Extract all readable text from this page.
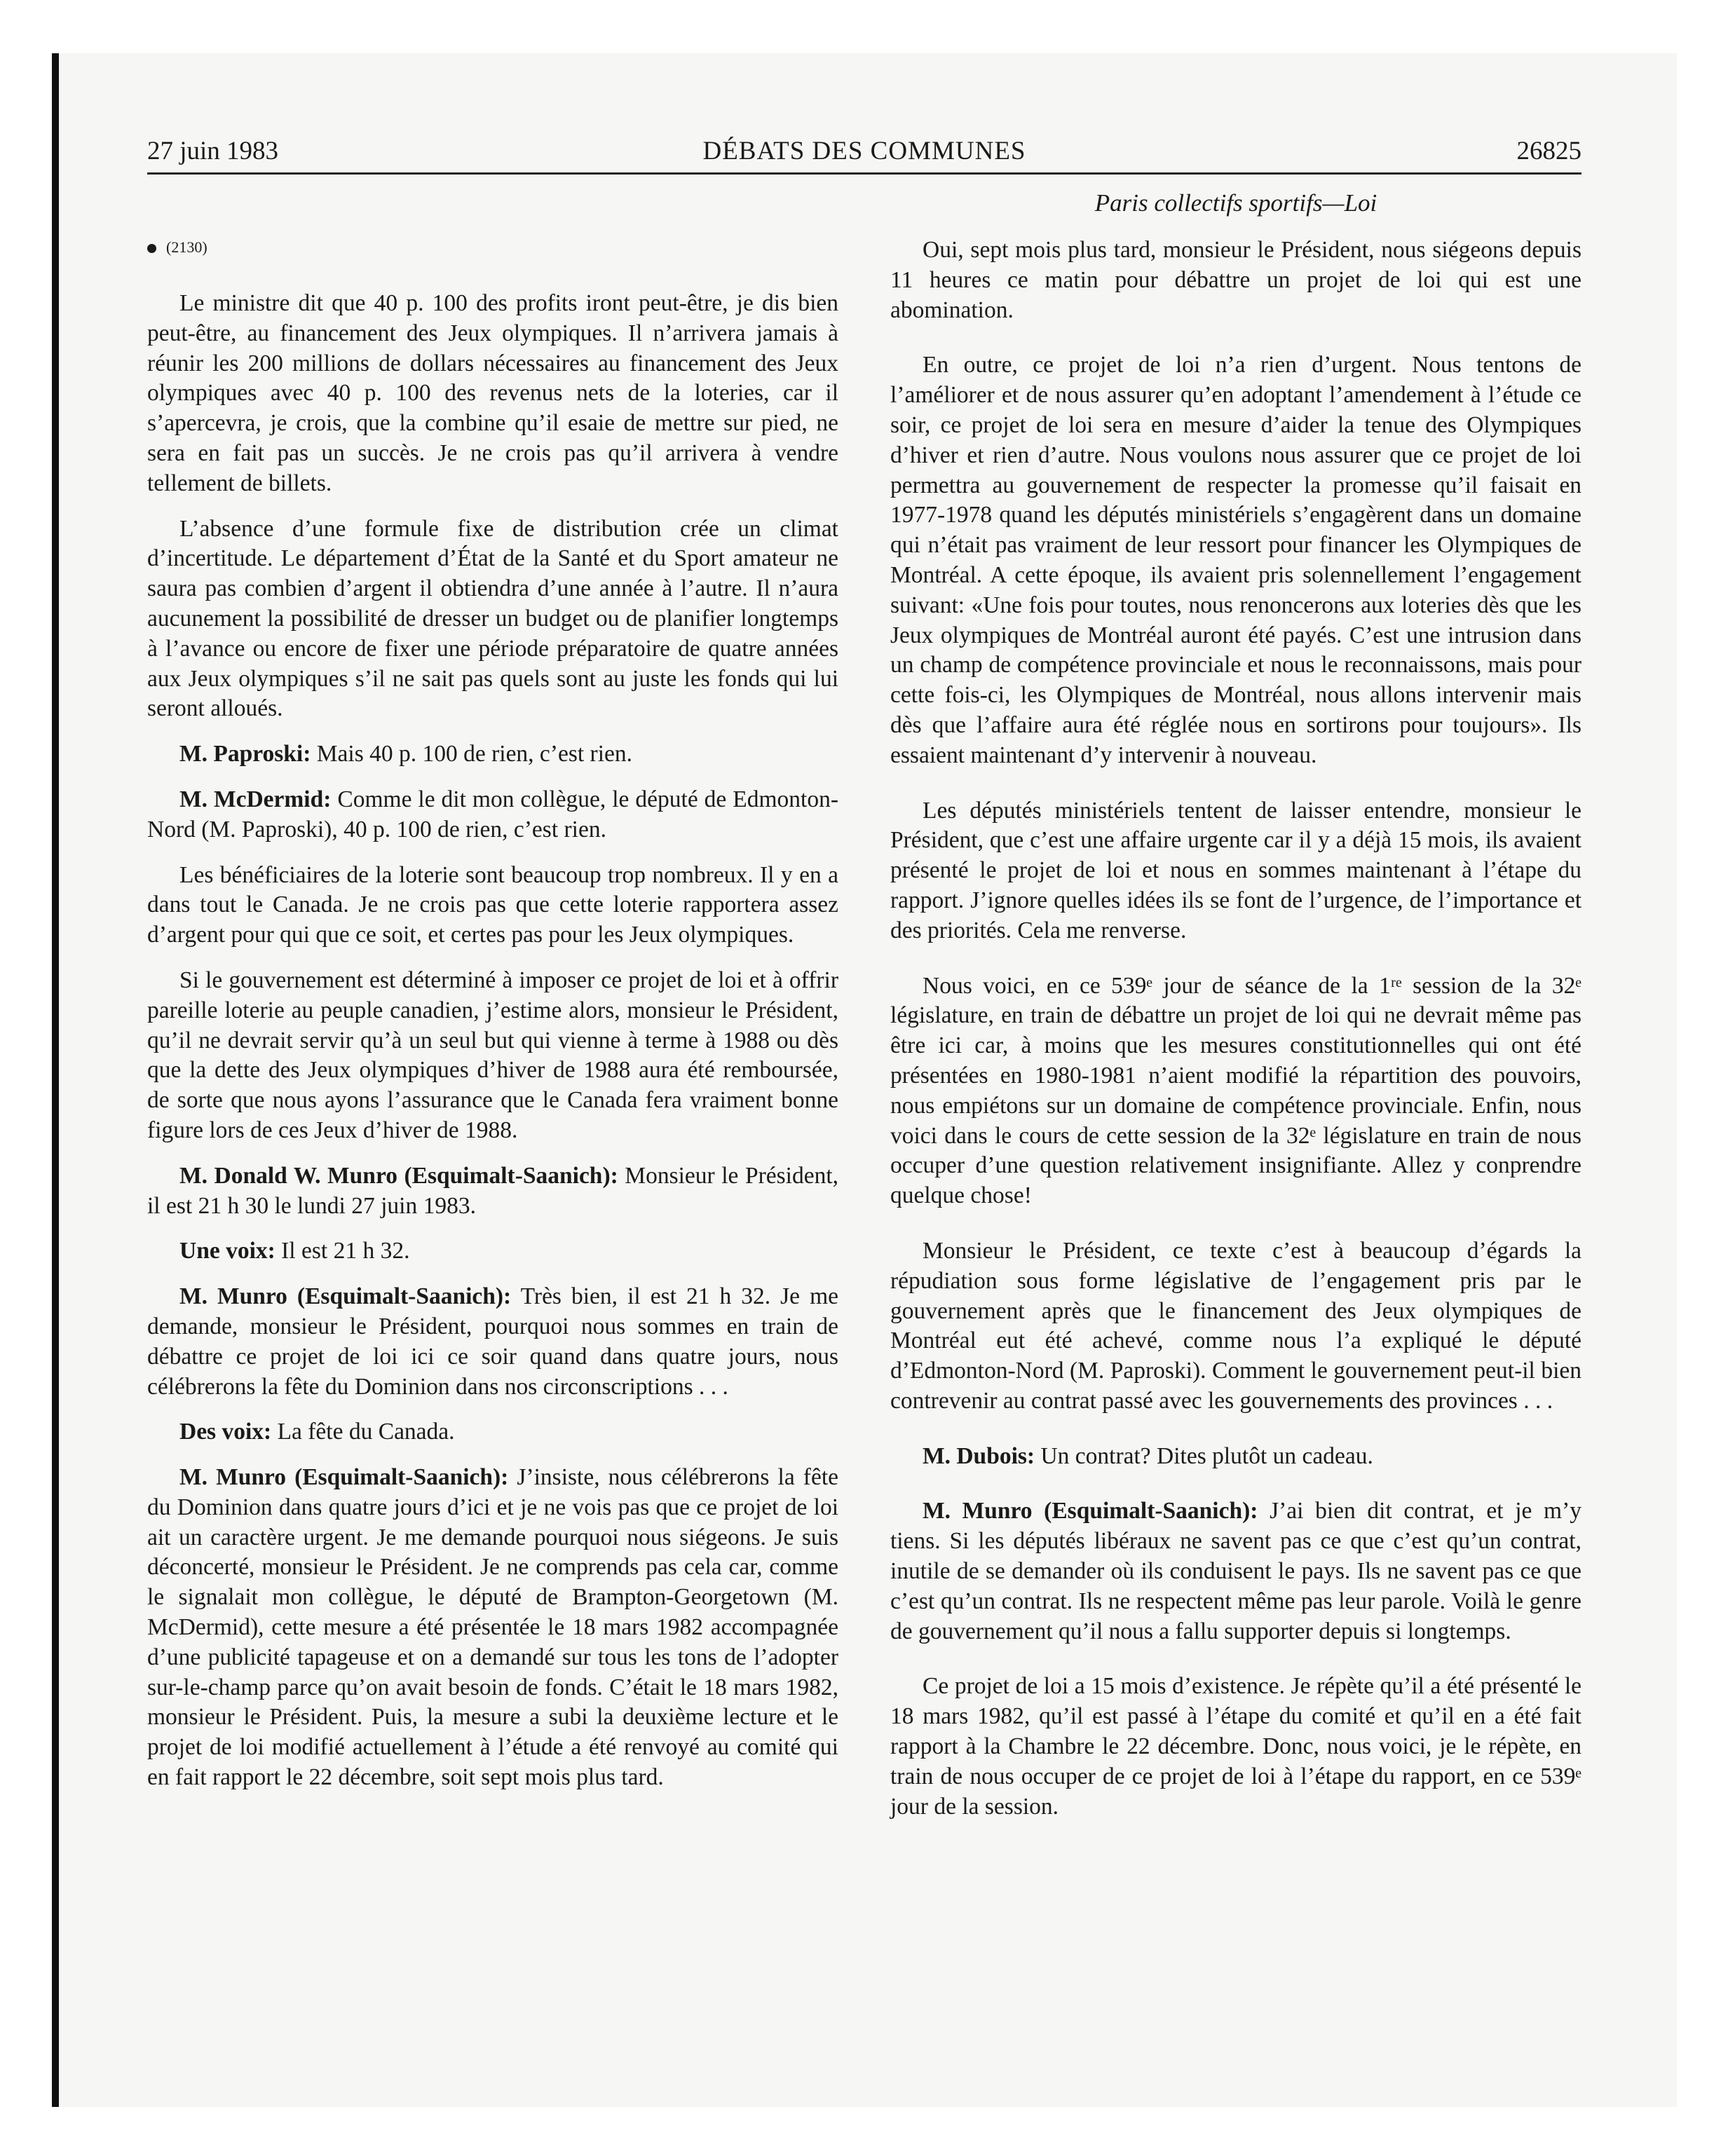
27 juin 1983	DÉBATS DES COMMUNES	26825
Paris collectifs sportifs—Loi
(2130)

Le ministre dit que 40 p. 100 des profits iront peut-être, je dis bien peut-être, au financement des Jeux olympiques. Il n’arrivera jamais à réunir les 200 millions de dollars nécessaires au financement des Jeux olympiques avec 40 p. 100 des revenus nets de la loteries, car il s’apercevra, je crois, que la combine qu’il esaie de mettre sur pied, ne sera en fait pas un succès. Je ne crois pas qu’il arrivera à vendre tellement de billets.

L’absence d’une formule fixe de distribution crée un climat d’incertitude. Le département d’État de la Santé et du Sport amateur ne saura pas combien d’argent il obtiendra d’une année à l’autre. Il n’aura aucunement la possibilité de dresser un budget ou de planifier longtemps à l’avance ou encore de fixer une période préparatoire de quatre années aux Jeux olympiques s’il ne sait pas quels sont au juste les fonds qui lui seront alloués.

M. Paproski: Mais 40 p. 100 de rien, c’est rien.

M. McDermid: Comme le dit mon collègue, le député de Edmonton-Nord (M. Paproski), 40 p. 100 de rien, c’est rien.

Les bénéficiaires de la loterie sont beaucoup trop nombreux. Il y en a dans tout le Canada. Je ne crois pas que cette loterie rapportera assez d’argent pour qui que ce soit, et certes pas pour les Jeux olympiques.

Si le gouvernement est déterminé à imposer ce projet de loi et à offrir pareille loterie au peuple canadien, j’estime alors, monsieur le Président, qu’il ne devrait servir qu’à un seul but qui vienne à terme à 1988 ou dès que la dette des Jeux olympiques d’hiver de 1988 aura été remboursée, de sorte que nous ayons l’assurance que le Canada fera vraiment bonne figure lors de ces Jeux d’hiver de 1988.

M. Donald W. Munro (Esquimalt-Saanich): Monsieur le Président, il est 21 h 30 le lundi 27 juin 1983.

Une voix: Il est 21 h 32.

M. Munro (Esquimalt-Saanich): Très bien, il est 21 h 32. Je me demande, monsieur le Président, pourquoi nous sommes en train de débattre ce projet de loi ici ce soir quand dans quatre jours, nous célébrerons la fête du Dominion dans nos circonscriptions . . .

Des voix: La fête du Canada.

M. Munro (Esquimalt-Saanich): J’insiste, nous célébrerons la fête du Dominion dans quatre jours d’ici et je ne vois pas que ce projet de loi ait un caractère urgent. Je me demande pourquoi nous siégeons. Je suis déconcerté, monsieur le Président. Je ne comprends pas cela car, comme le signalait mon collègue, le député de Brampton-Georgetown (M. McDermid), cette mesure a été présentée le 18 mars 1982 accompagnée d’une publicité tapageuse et on a demandé sur tous les tons de l’adopter sur-le-champ parce qu’on avait besoin de fonds. C’était le 18 mars 1982, monsieur le Président. Puis, la mesure a subi la deuxième lecture et le projet de loi modifié actuellement à l’étude a été renvoyé au comité qui en fait rapport le 22 décembre, soit sept mois plus tard.

Oui, sept mois plus tard, monsieur le Président, nous siégeons depuis 11 heures ce matin pour débattre un projet de loi qui est une abomination.

En outre, ce projet de loi n’a rien d’urgent. Nous tentons de l’améliorer et de nous assurer qu’en adoptant l’amendement à l’étude ce soir, ce projet de loi sera en mesure d’aider la tenue des Olympiques d’hiver et rien d’autre. Nous voulons nous assurer que ce projet de loi permettra au gouvernement de respecter la promesse qu’il faisait en 1977-1978 quand les députés ministériels s’engagèrent dans un domaine qui n’était pas vraiment de leur ressort pour financer les Olympiques de Montréal. A cette époque, ils avaient pris solennellement l’engagement suivant: «Une fois pour toutes, nous renoncerons aux loteries dès que les Jeux olympiques de Montréal auront été payés. C’est une intrusion dans un champ de compétence provinciale et nous le reconnaissons, mais pour cette fois-ci, les Olympiques de Montréal, nous allons intervenir mais dès que l’affaire aura été réglée nous en sortirons pour toujours». Ils essaient maintenant d’y intervenir à nouveau.

Les députés ministériels tentent de laisser entendre, monsieur le Président, que c’est une affaire urgente car il y a déjà 15 mois, ils avaient présenté le projet de loi et nous en sommes maintenant à l’étape du rapport. J’ignore quelles idées ils se font de l’urgence, de l’importance et des priorités. Cela me renverse.

Nous voici, en ce 539ᵉ jour de séance de la 1ʳᵉ session de la 32ᵉ législature, en train de débattre un projet de loi qui ne devrait même pas être ici car, à moins que les mesures constitutionnelles qui ont été présentées en 1980-1981 n’aient modifié la répartition des pouvoirs, nous empiétons sur un domaine de compétence provinciale. Enfin, nous voici dans le cours de cette session de la 32ᵉ législature en train de nous occuper d’une question relativement insignifiante. Allez y conprendre quelque chose!

Monsieur le Président, ce texte c’est à beaucoup d’égards la répudiation sous forme législative de l’engagement pris par le gouvernement après que le financement des Jeux olympiques de Montréal eut été achevé, comme nous l’a expliqué le député d’Edmonton-Nord (M. Paproski). Comment le gouvernement peut-il bien contrevenir au contrat passé avec les gouvernements des provinces . . .

M. Dubois: Un contrat? Dites plutôt un cadeau.

M. Munro (Esquimalt-Saanich): J’ai bien dit contrat, et je m’y tiens. Si les députés libéraux ne savent pas ce que c’est qu’un contrat, inutile de se demander où ils conduisent le pays. Ils ne savent pas ce que c’est qu’un contrat. Ils ne respectent même pas leur parole. Voilà le genre de gouvernement qu’il nous a fallu supporter depuis si longtemps.

Ce projet de loi a 15 mois d’existence. Je répète qu’il a été présenté le 18 mars 1982, qu’il est passé à l’étape du comité et qu’il en a été fait rapport à la Chambre le 22 décembre. Donc, nous voici, je le répète, en train de nous occuper de ce projet de loi à l’étape du rapport, en ce 539ᵉ jour de la session.
